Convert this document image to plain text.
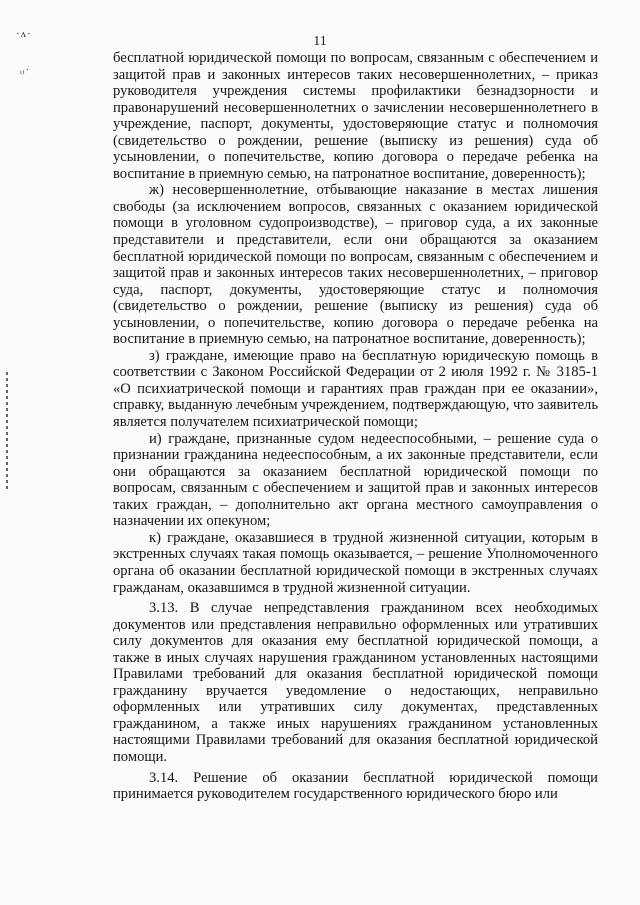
·ʌ·
ᵢᵢ·
11

бесплатной юридической помощи по вопросам, связанным с обеспечением и защитой прав и законных интересов таких несовершеннолетних, – приказ руководителя учреждения системы профилактики безнадзорности и правонарушений несовершеннолетних о зачислении несовершеннолетнего в учреждение, паспорт, документы, удостоверяющие статус и полномочия (свидетельство о рождении, решение (выписку из решения) суда об усыновлении, о попечительстве, копию договора о передаче ребенка на воспитание в приемную семью, на патронатное воспитание, доверенность);

ж) несовершеннолетние, отбывающие наказание в местах лишения свободы (за исключением вопросов, связанных с оказанием юридической помощи в уголовном судопроизводстве), – приговор суда, а их законные представители и представители, если они обращаются за оказанием бесплатной юридической помощи по вопросам, связанным с обеспечением и защитой прав и законных интересов таких несовершеннолетних, – приговор суда, паспорт, документы, удостоверяющие статус и полномочия (свидетельство о рождении, решение (выписку из решения) суда об усыновлении, о попечительстве, копию договора о передаче ребенка на воспитание в приемную семью, на патронатное воспитание, доверенность);

з) граждане, имеющие право на бесплатную юридическую помощь в соответствии с Законом Российской Федерации от 2 июля 1992 г. № 3185-1 «О психиатрической помощи и гарантиях прав граждан при ее оказании», справку, выданную лечебным учреждением, подтверждающую, что заявитель является получателем психиатрической помощи;

и) граждане, признанные судом недееспособными, – решение суда о признании гражданина недееспособным, а их законные представители, если они обращаются за оказанием бесплатной юридической помощи по вопросам, связанным с обеспечением и защитой прав и законных интересов таких граждан, – дополнительно акт органа местного самоуправления о назначении их опекуном;

к) граждане, оказавшиеся в трудной жизненной ситуации, которым в экстренных случаях такая помощь оказывается, – решение Уполномоченного органа об оказании бесплатной юридической помощи в экстренных случаях гражданам, оказавшимся в трудной жизненной ситуации.

3.13. В случае непредставления гражданином всех необходимых документов или представления неправильно оформленных или утративших силу документов для оказания ему бесплатной юридической помощи, а также в иных случаях нарушения гражданином установленных настоящими Правилами требований для оказания бесплатной юридической помощи гражданину вручается уведомление о недостающих, неправильно оформленных или утративших силу документах, представленных гражданином, а также иных нарушениях гражданином установленных настоящими Правилами требований для оказания бесплатной юридической помощи.

3.14. Решение об оказании бесплатной юридической помощи принимается руководителем государственного юридического бюро или
